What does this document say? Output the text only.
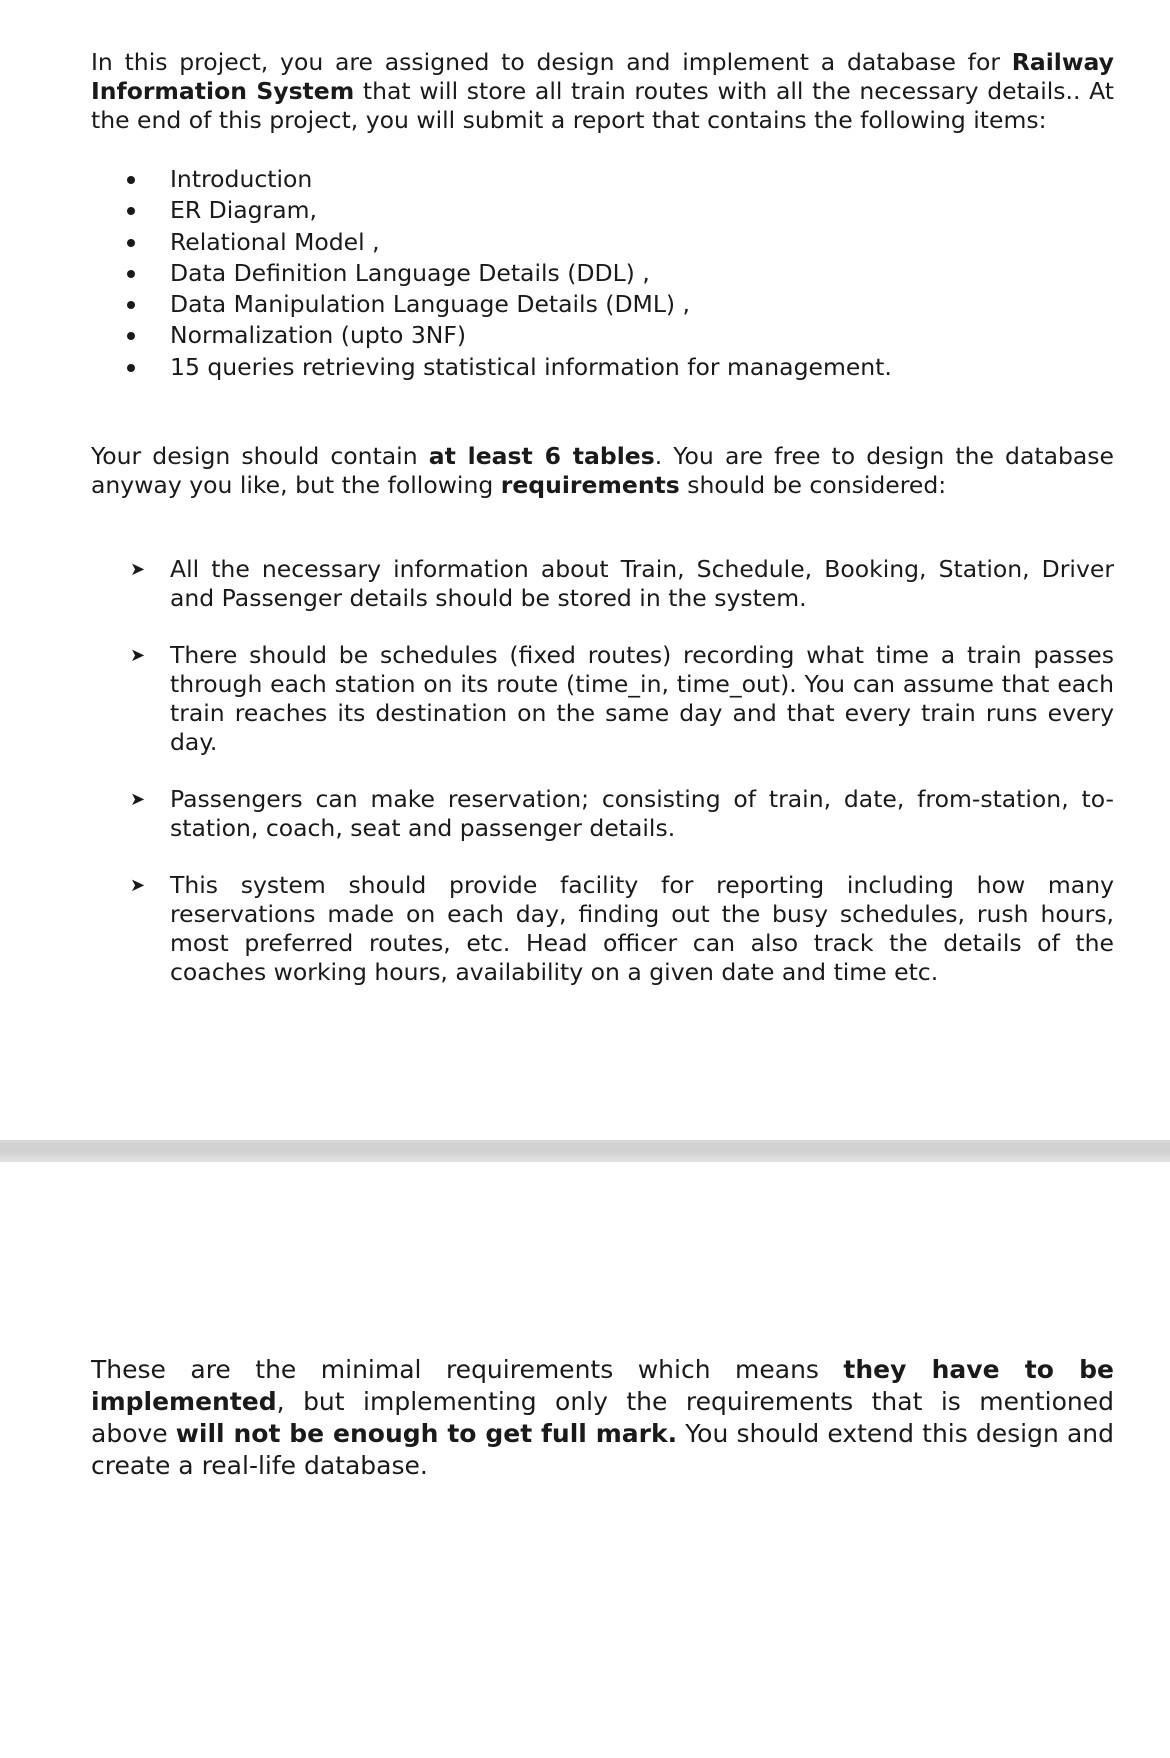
In this project, you are assigned to design and implement a database for Railway Information System that will store all train routes with all the necessary details.. At the end of this project, you will submit a report that contains the following items:
Introduction
ER Diagram,
Relational Model ,
Data Definition Language Details (DDL) ,
Data Manipulation Language Details (DML) ,
Normalization (upto 3NF)
15 queries retrieving statistical information for management.
Your design should contain at least 6 tables. You are free to design the database anyway you like, but the following requirements should be considered:
➤ All the necessary information about Train, Schedule, Booking, Station, Driver and Passenger details should be stored in the system.
➤ There should be schedules (fixed routes) recording what time a train passes through each station on its route (time_in, time_out). You can assume that each train reaches its destination on the same day and that every train runs every day.
➤ Passengers can make reservation; consisting of train, date, from-station, to-station, coach, seat and passenger details.
➤ This system should provide facility for reporting including how many reservations made on each day, finding out the busy schedules, rush hours, most preferred routes, etc. Head officer can also track the details of the coaches working hours, availability on a given date and time etc.
These are the minimal requirements which means they have to be implemented, but implementing only the requirements that is mentioned above will not be enough to get full mark. You should extend this design and create a real-life database.
